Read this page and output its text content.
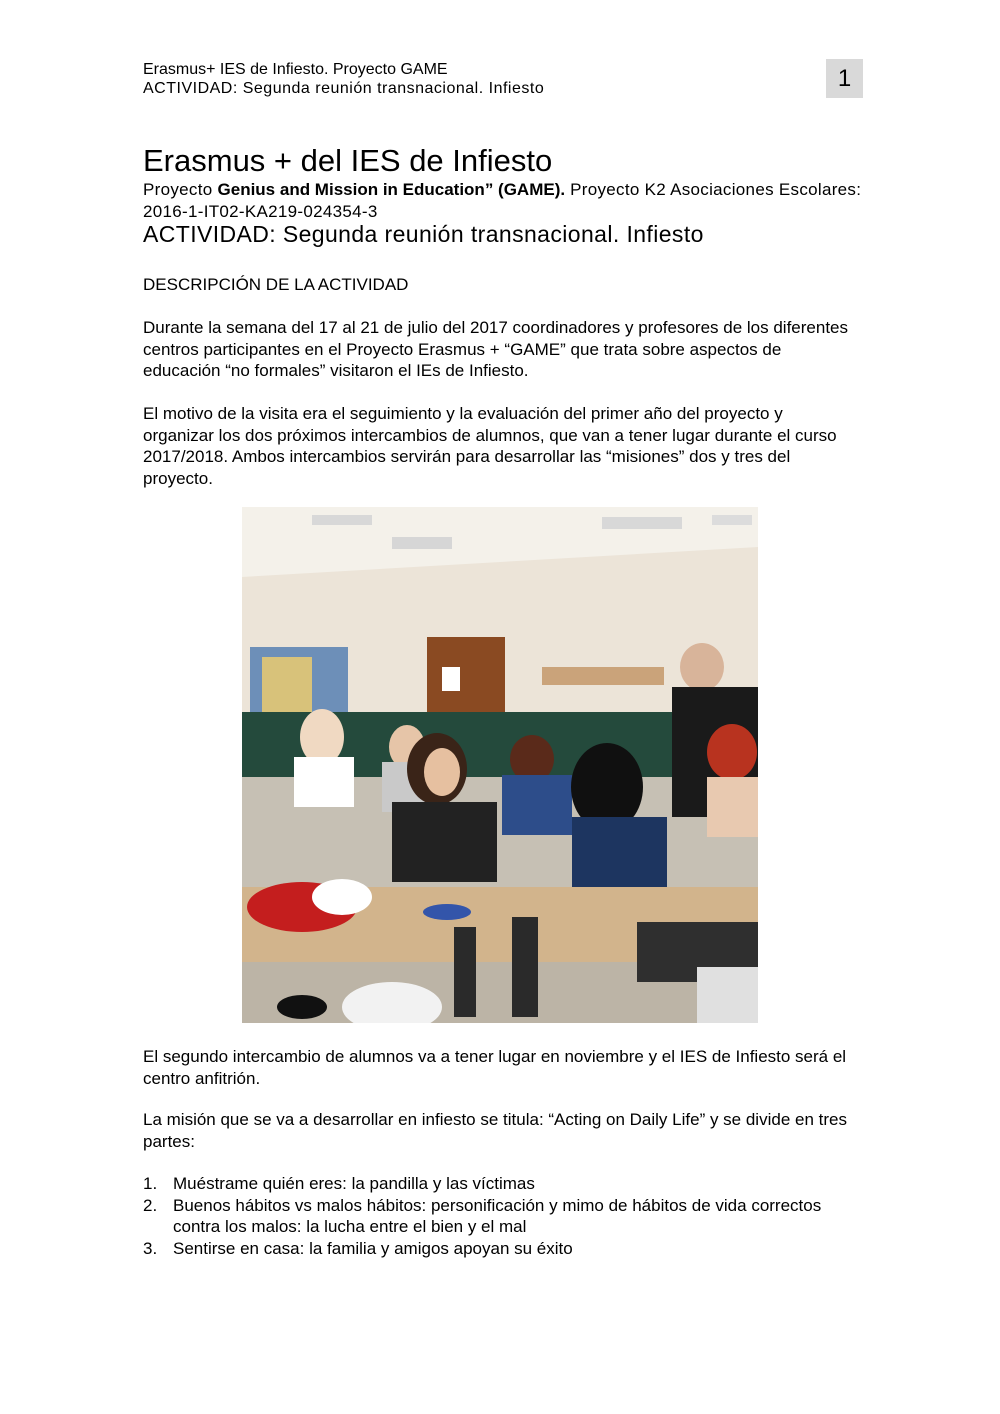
Erasmus+ IES de Infiesto. Proyecto GAME
ACTIVIDAD: Segunda reunión transnacional. Infiesto	1
Erasmus + del IES de Infiesto
Proyecto Genius and Mission in Education” (GAME). Proyecto K2 Asociaciones Escolares: 2016-1-IT02-KA219-024354-3
ACTIVIDAD: Segunda reunión transnacional. Infiesto
DESCRIPCIÓN DE LA ACTIVIDAD
Durante la semana del 17 al 21 de julio del 2017 coordinadores y profesores de los diferentes centros participantes en el Proyecto Erasmus + “GAME” que trata sobre aspectos de educación “no formales” visitaron el IEs de Infiesto.
El motivo de la visita era el seguimiento y la evaluación del primer año del proyecto y organizar los dos próximos intercambios de alumnos, que van a tener lugar durante el curso 2017/2018. Ambos intercambios servirán para desarrollar las “misiones” dos y tres del proyecto.
El segundo intercambio de alumnos va a tener lugar en noviembre y el IES de Infiesto será el centro anfitrión.
La misión que se va a desarrollar en infiesto se titula: “Acting on Daily Life” y se divide en tres partes:
1. Muéstrame quién eres: la pandilla y las víctimas
2. Buenos hábitos vs malos hábitos: personificación y mimo de hábitos de vida correctos contra los malos: la lucha entre el bien y el mal
3. Sentirse en casa: la familia y amigos apoyan su éxito
